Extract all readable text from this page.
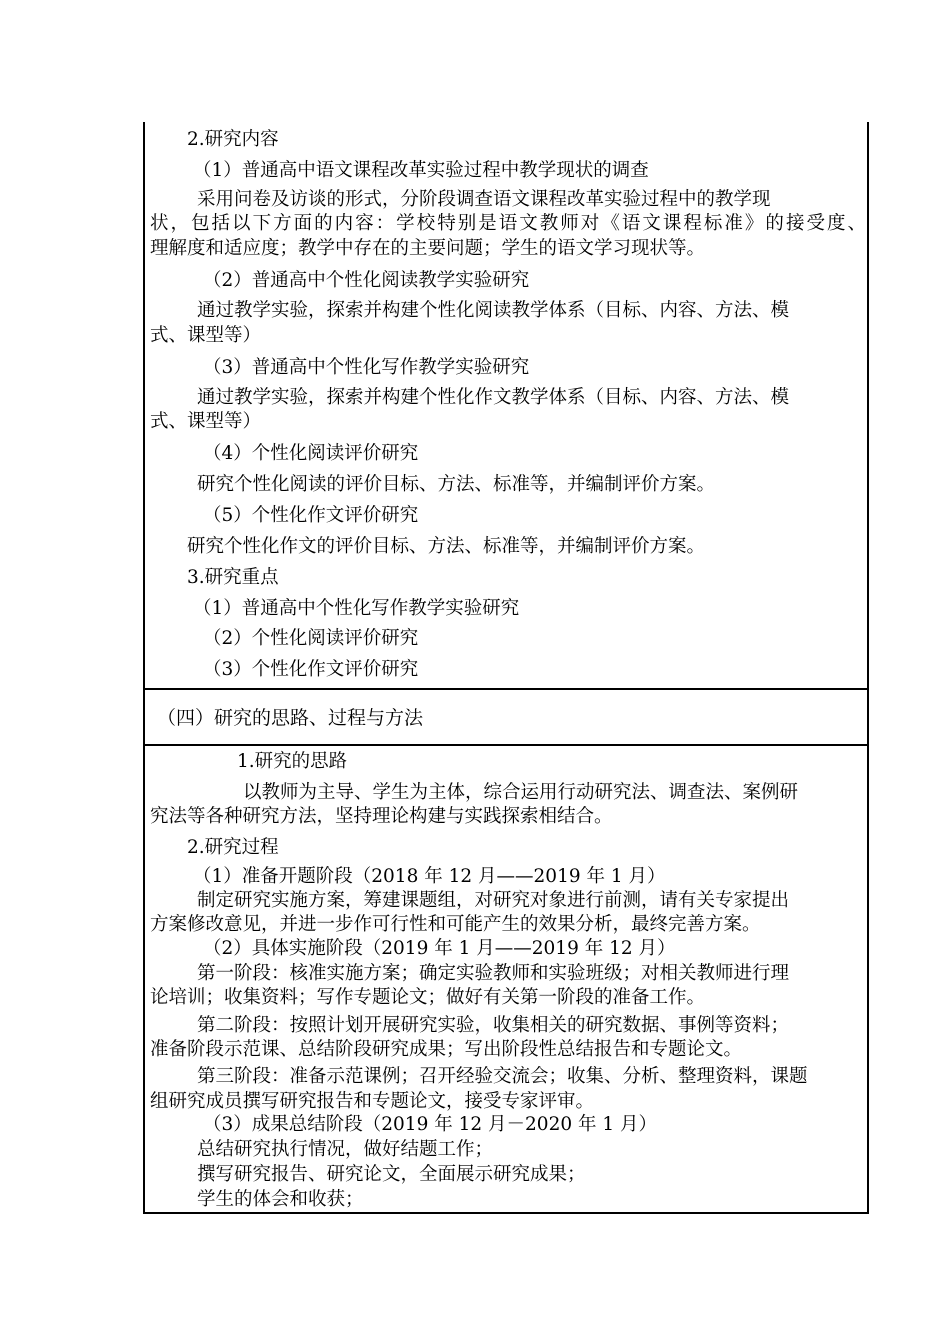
2.研究内容
（1）普通高中语文课程改革实验过程中教学现状的调查
采用问卷及访谈的形式，分阶段调查语文课程改革实验过程中的教学现
状，包括以下方面的内容：学校特别是语文教师对《语文课程标准》的接受度、
理解度和适应度；教学中存在的主要问题；学生的语文学习现状等。
（2）普通高中个性化阅读教学实验研究
通过教学实验，探索并构建个性化阅读教学体系（目标、内容、方法、模
式、课型等）
（3）普通高中个性化写作教学实验研究
通过教学实验，探索并构建个性化作文教学体系（目标、内容、方法、模
式、课型等）
（4）个性化阅读评价研究
研究个性化阅读的评价目标、方法、标准等，并编制评价方案。
（5）个性化作文评价研究
研究个性化作文的评价目标、方法、标准等，并编制评价方案。
3.研究重点
（1）普通高中个性化写作教学实验研究
（2）个性化阅读评价研究
（3）个性化作文评价研究
（四）研究的思路、过程与方法
1.研究的思路
以教师为主导、学生为主体，综合运用行动研究法、调查法、案例研
究法等各种研究方法，坚持理论构建与实践探索相结合。
2.研究过程
（1）准备开题阶段（2018 年 12 月——2019 年 1 月）
制定研究实施方案，筹建课题组，对研究对象进行前测，请有关专家提出
方案修改意见，并进一步作可行性和可能产生的效果分析，最终完善方案。
（2）具体实施阶段（2019 年 1 月——2019 年 12 月）
第一阶段：核准实施方案；确定实验教师和实验班级；对相关教师进行理
论培训；收集资料；写作专题论文；做好有关第一阶段的准备工作。
第二阶段：按照计划开展研究实验，收集相关的研究数据、事例等资料；
准备阶段示范课、总结阶段研究成果；写出阶段性总结报告和专题论文。
第三阶段：准备示范课例；召开经验交流会；收集、分析、整理资料，课题
组研究成员撰写研究报告和专题论文，接受专家评审。
（3）成果总结阶段（2019 年 12 月－2020 年 1 月）
总结研究执行情况，做好结题工作；
撰写研究报告、研究论文，全面展示研究成果；
学生的体会和收获；
